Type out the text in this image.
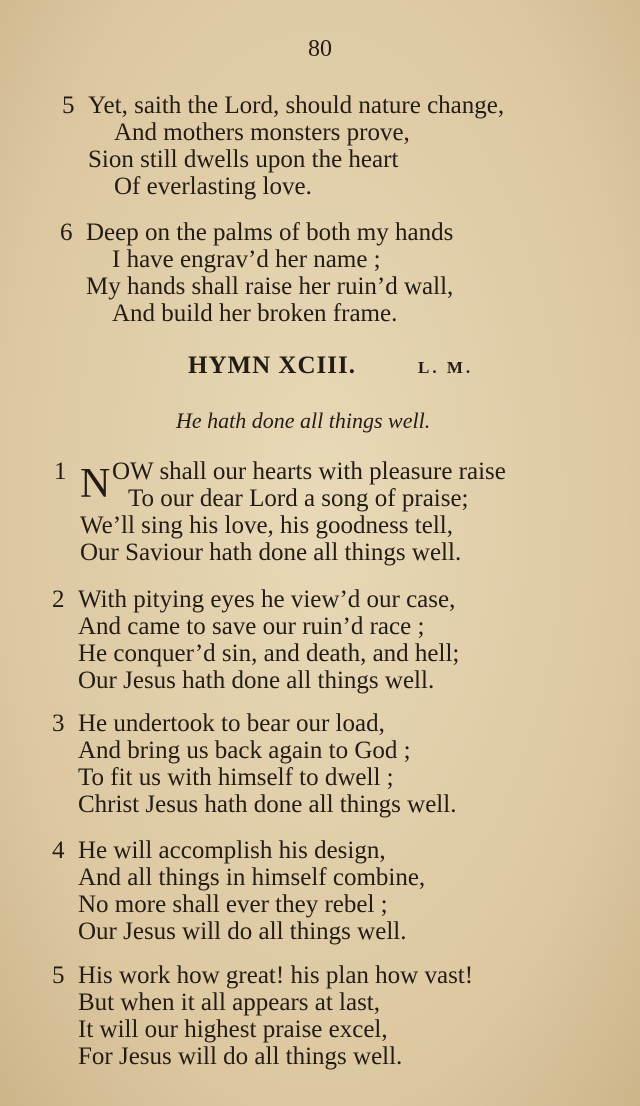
80
5 Yet, saith the Lord, should nature change,
And mothers monsters prove,
Sion still dwells upon the heart
Of everlasting love.
6 Deep on the palms of both my hands
I have engrav’d her name ;
My hands shall raise her ruin’d wall,
And build her broken frame.
HYMN XCIII.	L. M.
He hath done all things well.
1 N OW shall our hearts with pleasure raise
To our dear Lord a song of praise;
We’ll sing his love, his goodness tell,
Our Saviour hath done all things well.
2 With pitying eyes he view’d our case,
And came to save our ruin’d race ;
He conquer’d sin, and death, and hell;
Our Jesus hath done all things well.
3 He undertook to bear our load,
And bring us back again to God ;
To fit us with himself to dwell ;
Christ Jesus hath done all things well.
4 He will accomplish his design,
And all things in himself combine,
No more shall ever they rebel ;
Our Jesus will do all things well.
5 His work how great! his plan how vast!
But when it all appears at last,
It will our highest praise excel,
For Jesus will do all things well.
